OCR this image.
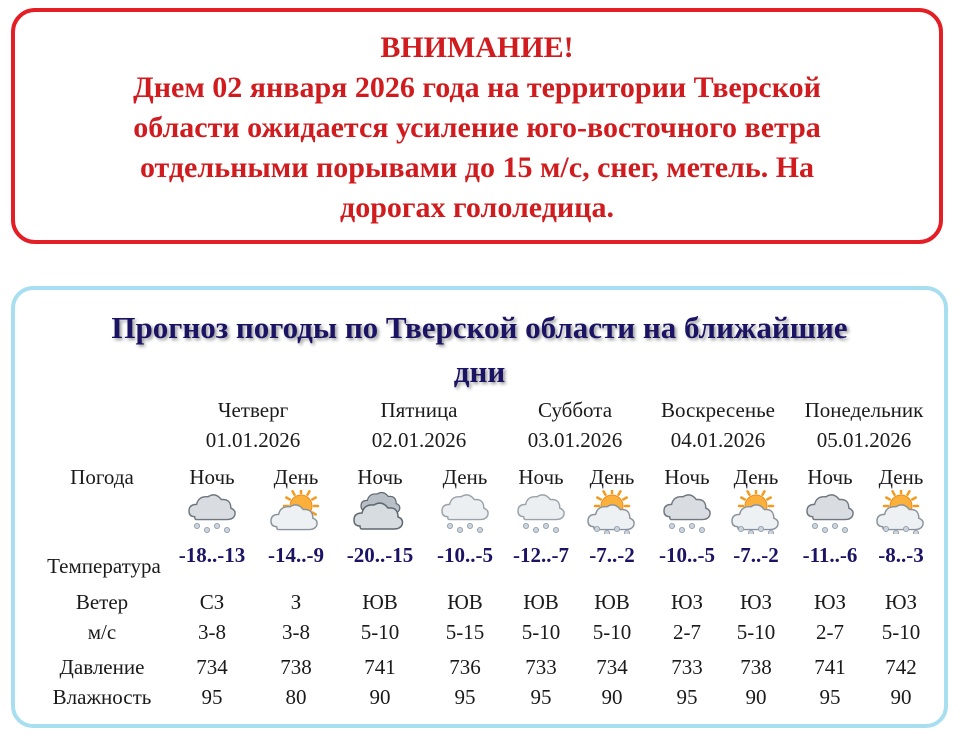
ВНИМАНИЕ!
Днем 02 января 2026 года на территории Тверской
области ожидается усиление юго-восточного ветра
отдельными порывами до 15 м/с, снег, метель. На
дорогах гололедица.
Прогноз погоды по Тверской области на ближайшие
дни
Погода
Температура
Ветер
м/с
Давление
Влажность
Четверг
01.01.2026
Пятница
02.01.2026
Суббота
03.01.2026
Воскресенье
04.01.2026
Понедельник
05.01.2026
Ночь
-18..-13
СЗ
3-8
734
95
День
-14..-9
З
3-8
738
80
Ночь
-20..-15
ЮВ
5-10
741
90
День
-10..-5
ЮВ
5-15
736
95
Ночь
-12..-7
ЮВ
5-10
733
95
День
-7..-2
ЮВ
5-10
734
90
Ночь
-10..-5
ЮЗ
2-7
733
95
День
-7..-2
ЮЗ
5-10
738
90
Ночь
-11..-6
ЮЗ
2-7
741
95
День
-8..-3
ЮЗ
5-10
742
90
